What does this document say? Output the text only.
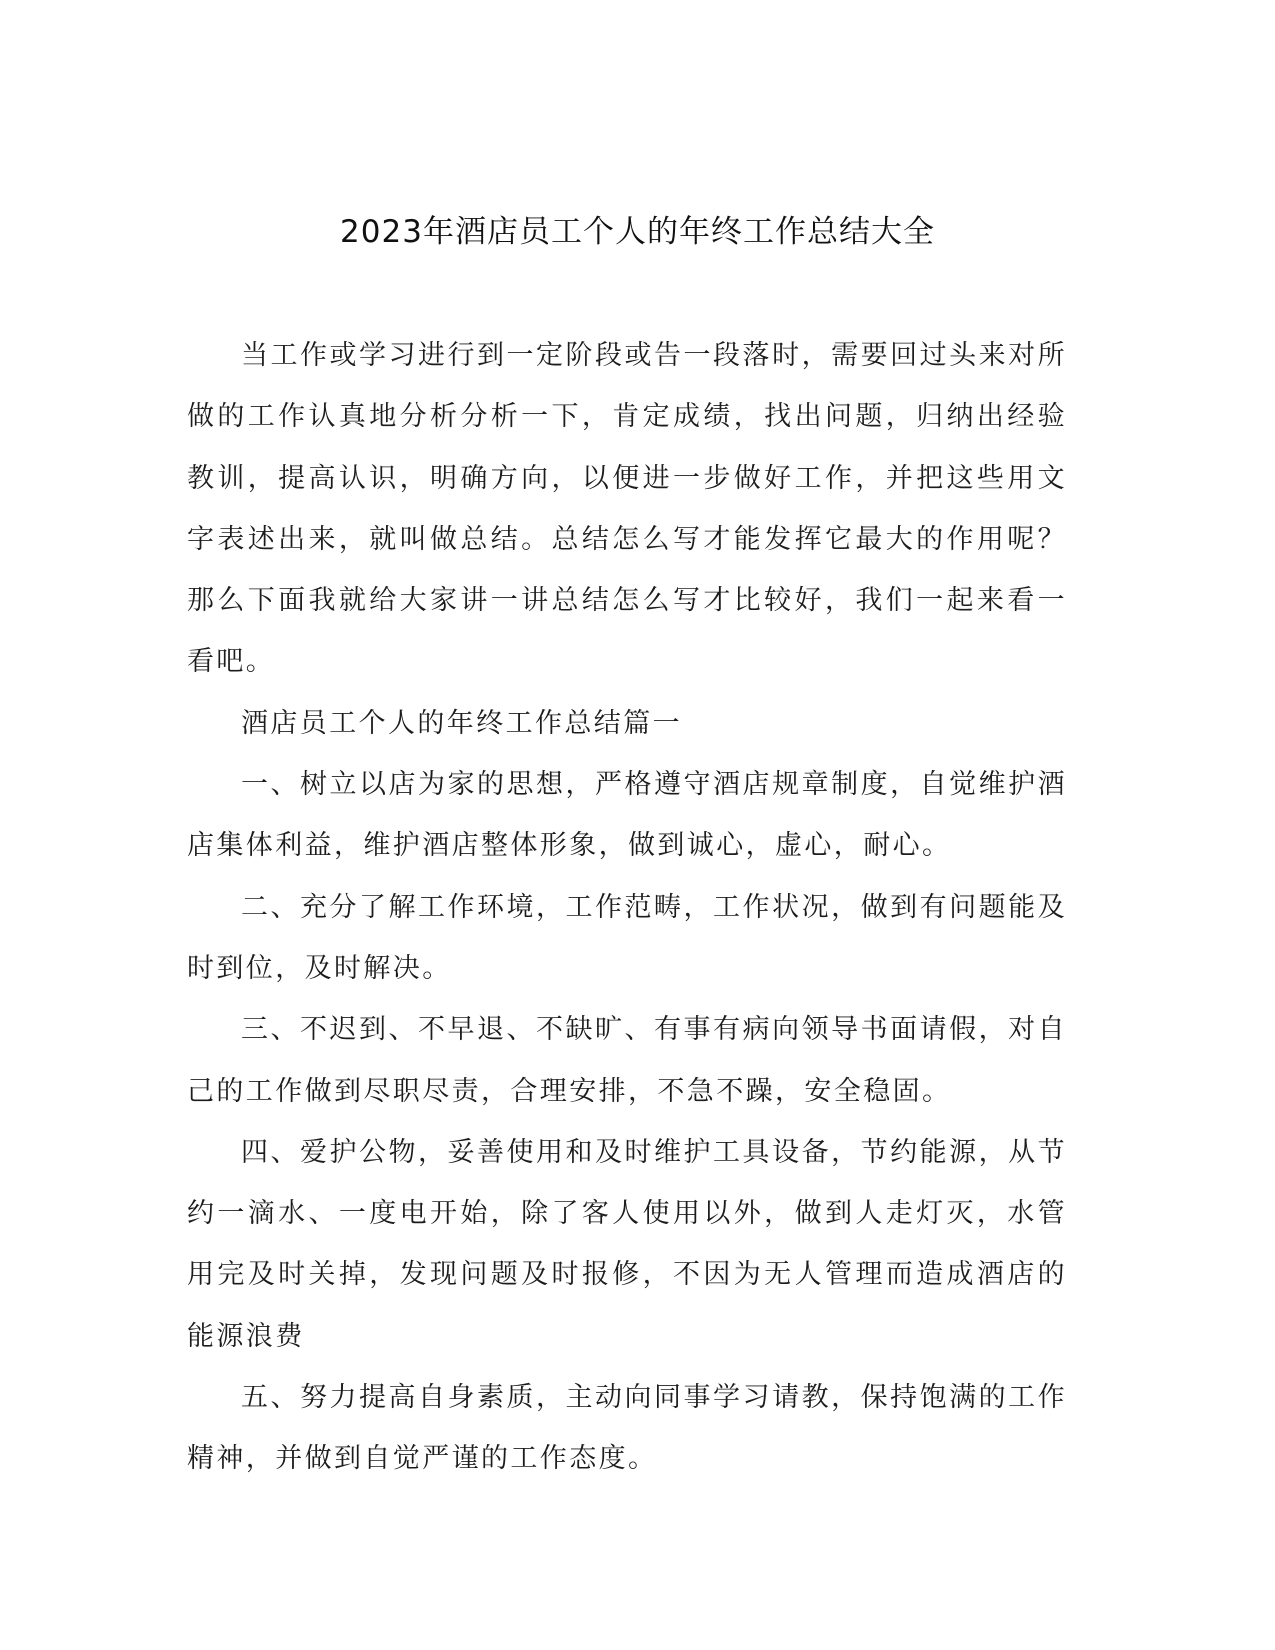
2023年酒店员工个人的年终工作总结大全

当工作或学习进行到一定阶段或告一段落时，需要回过头来对所做的工作认真地分析分析一下，肯定成绩，找出问题，归纳出经验教训，提高认识，明确方向，以便进一步做好工作，并把这些用文字表述出来，就叫做总结。总结怎么写才能发挥它最大的作用呢？那么下面我就给大家讲一讲总结怎么写才比较好，我们一起来看一看吧。

酒店员工个人的年终工作总结篇一

一、树立以店为家的思想，严格遵守酒店规章制度，自觉维护酒店集体利益，维护酒店整体形象，做到诚心，虚心，耐心。

二、充分了解工作环境，工作范畴，工作状况，做到有问题能及时到位，及时解决。

三、不迟到、不早退、不缺旷、有事有病向领导书面请假，对自己的工作做到尽职尽责，合理安排，不急不躁，安全稳固。

四、爱护公物，妥善使用和及时维护工具设备，节约能源，从节约一滴水、一度电开始，除了客人使用以外，做到人走灯灭，水管用完及时关掉，发现问题及时报修，不因为无人管理而造成酒店的能源浪费

五、努力提高自身素质，主动向同事学习请教，保持饱满的工作精神，并做到自觉严谨的工作态度。
